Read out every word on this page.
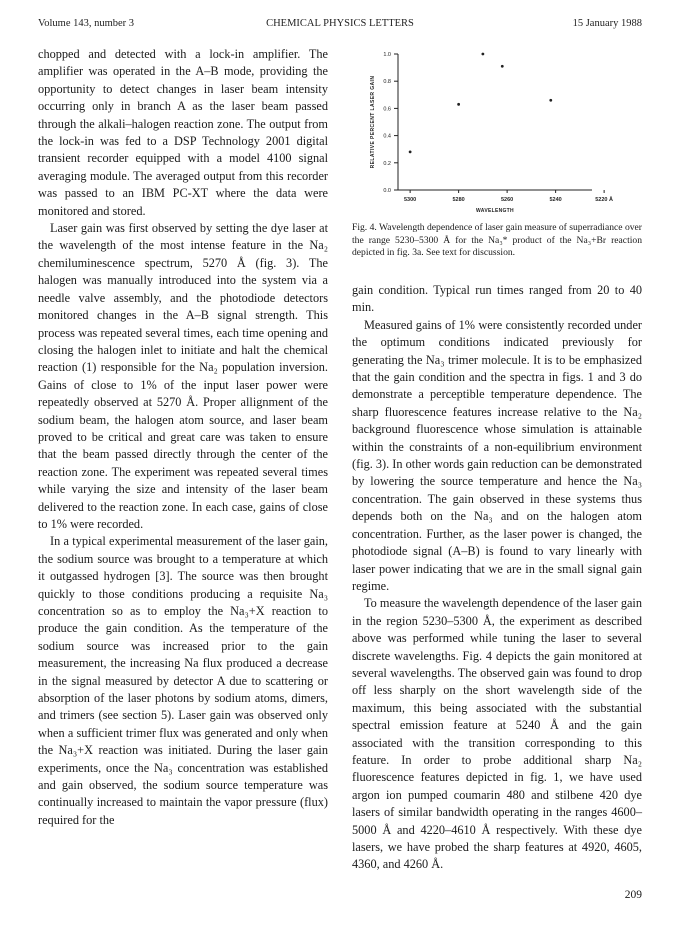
Volume 143, number 3	CHEMICAL PHYSICS LETTERS	15 January 1988

chopped and detected with a lock-in amplifier. The amplifier was operated in the A–B mode, providing the opportunity to detect changes in laser beam intensity occurring only in branch A as the laser beam passed through the alkali–halogen reaction zone. The output from the lock-in was fed to a DSP Technology 2001 digital transient recorder equipped with a model 4100 signal averaging module. The averaged output from this recorder was passed to an IBM PC-XT where the data were monitored and stored.

Laser gain was first observed by setting the dye laser at the wavelength of the most intense feature in the Na₂ chemiluminescence spectrum, 5270 Å (fig. 3). The halogen was manually introduced into the system via a needle valve assembly, and the photodiode detectors monitored changes in the A–B signal strength. This process was repeated several times, each time opening and closing the halogen inlet to initiate and halt the chemical reaction (1) responsible for the Na₂ population inversion. Gains of close to 1% of the input laser power were repeatedly observed at 5270 Å. Proper allignment of the sodium beam, the halogen atom source, and laser beam proved to be critical and great care was taken to ensure that the beam passed directly through the center of the reaction zone. The experiment was repeated several times while varying the size and intensity of the laser beam delivered to the reaction zone. In each case, gains of close to 1% were recorded.

In a typical experimental measurement of the laser gain, the sodium source was brought to a temperature at which it outgassed hydrogen [3]. The source was then brought quickly to those conditions producing a requisite Na₃ concentration so as to employ the Na₃+X reaction to produce the gain condition. As the temperature of the sodium source was increased prior to the gain measurement, the increasing Na flux produced a decrease in the signal measured by detector A due to scattering or absorption of the laser photons by sodium atoms, dimers, and trimers (see section 5). Laser gain was observed only when a sufficient trimer flux was generated and only when the Na₃+X reaction was initiated. During the laser gain experiments, once the Na₃ concentration was established and gain observed, the sodium source temperature was continually increased to maintain the vapor pressure (flux) required for the

0.0
0.2
0.4
0.6
0.8
1.0
5300	5280	5260	5240	5220 Å
WAVELENGTH
RELATIVE PERCENT LASER GAIN

Fig. 4. Wavelength dependence of laser gain measure of superradiance over the range 5230–5300 Å for the Na₃* product of the Na₃+Br reaction depicted in fig. 3a. See text for discussion.

gain condition. Typical run times ranged from 20 to 40 min.

Measured gains of 1% were consistently recorded under the optimum conditions indicated previously for generating the Na₃ trimer molecule. It is to be emphasized that the gain condition and the spectra in figs. 1 and 3 do demonstrate a perceptible temperature dependence. The sharp fluorescence features increase relative to the Na₂ background fluorescence whose simulation is attainable within the constraints of a non-equilibrium environment (fig. 3). In other words gain reduction can be demonstrated by lowering the source temperature and hence the Na₃ concentration. The gain observed in these systems thus depends both on the Na₃ and on the halogen atom concentration. Further, as the laser power is changed, the photodiode signal (A–B) is found to vary linearly with laser power indicating that we are in the small signal gain regime.

To measure the wavelength dependence of the laser gain in the region 5230–5300 Å, the experiment as described above was performed while tuning the laser to several discrete wavelengths. Fig. 4 depicts the gain monitored at several wavelengths. The observed gain was found to drop off less sharply on the short wavelength side of the maximum, this being associated with the substantial spectral emission feature at 5240 Å and the gain associated with the transition corresponding to this feature. In order to probe additional sharp Na₂ fluorescence features depicted in fig. 1, we have used argon ion pumped coumarin 480 and stilbene 420 dye lasers of similar bandwidth operating in the ranges 4600–5000 Å and 4220–4610 Å respectively. With these dye lasers, we have probed the sharp features at 4920, 4605, 4360, and 4260 Å.

209
